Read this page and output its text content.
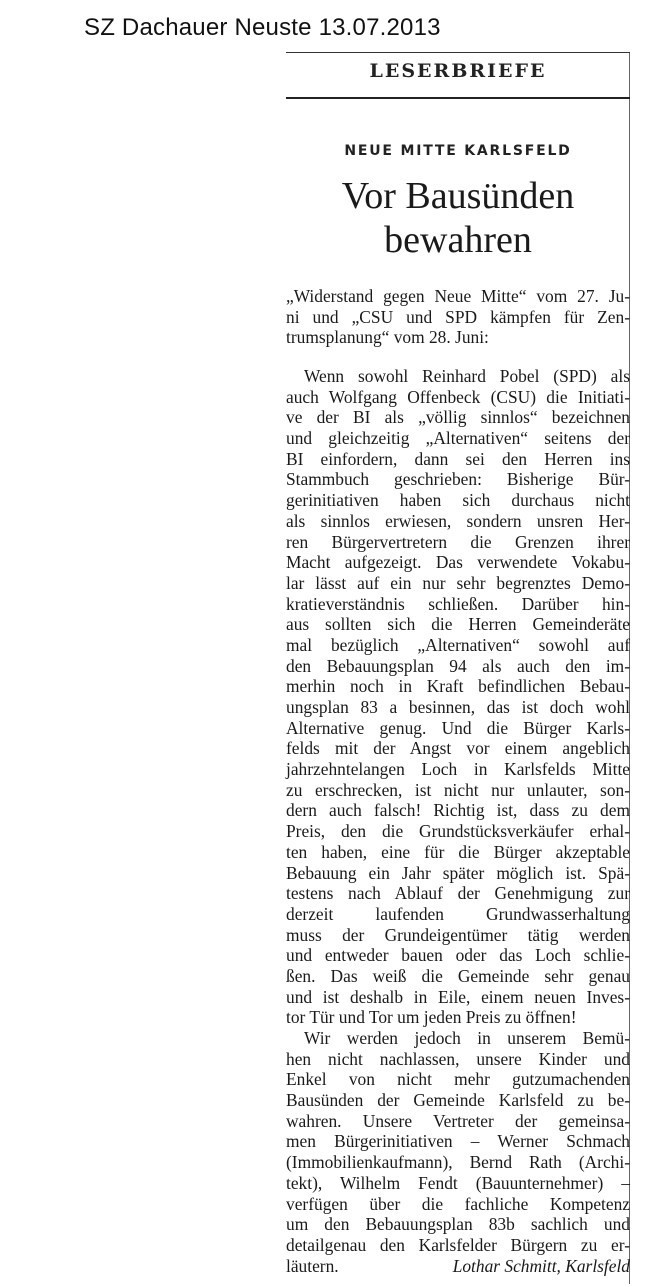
SZ Dachauer Neuste 13.07.2013
LESERBRIEFE
NEUE MITTE KARLSFELD
Vor Bausünden
bewahren
„Widerstand gegen Neue Mitte“ vom 27. Ju-
ni und „CSU und SPD kämpfen für Zen-
trumsplanung“ vom 28. Juni:
Wenn sowohl Reinhard Pobel (SPD) als
auch Wolfgang Offenbeck (CSU) die Initiati-
ve der BI als „völlig sinnlos“ bezeichnen
und gleichzeitig „Alternativen“ seitens der
BI einfordern, dann sei den Herren ins
Stammbuch geschrieben: Bisherige Bür-
gerinitiativen haben sich durchaus nicht
als sinnlos erwiesen, sondern unsren Her-
ren Bürgervertretern die Grenzen ihrer
Macht aufgezeigt. Das verwendete Vokabu-
lar lässt auf ein nur sehr begrenztes Demo-
kratieverständnis schließen. Darüber hin-
aus sollten sich die Herren Gemeinderäte
mal bezüglich „Alternativen“ sowohl auf
den Bebauungsplan 94 als auch den im-
merhin noch in Kraft befindlichen Bebau-
ungsplan 83 a besinnen, das ist doch wohl
Alternative genug. Und die Bürger Karls-
felds mit der Angst vor einem angeblich
jahrzehntelangen Loch in Karlsfelds Mitte
zu erschrecken, ist nicht nur unlauter, son-
dern auch falsch! Richtig ist, dass zu dem
Preis, den die Grundstücksverkäufer erhal-
ten haben, eine für die Bürger akzeptable
Bebauung ein Jahr später möglich ist. Spä-
testens nach Ablauf der Genehmigung zur
derzeit laufenden Grundwasserhaltung
muss der Grundeigentümer tätig werden
und entweder bauen oder das Loch schlie-
ßen. Das weiß die Gemeinde sehr genau
und ist deshalb in Eile, einem neuen Inves-
tor Tür und Tor um jeden Preis zu öffnen!
Wir werden jedoch in unserem Bemü-
hen nicht nachlassen, unsere Kinder und
Enkel von nicht mehr gutzumachenden
Bausünden der Gemeinde Karlsfeld zu be-
wahren. Unsere Vertreter der gemeinsa-
men Bürgerinitiativen – Werner Schmach
(Immobilienkaufmann), Bernd Rath (Archi-
tekt), Wilhelm Fendt (Bauunternehmer) –
verfügen über die fachliche Kompetenz
um den Bebauungsplan 83b sachlich und
detailgenau den Karlsfelder Bürgern zu er-
läutern.	Lothar Schmitt, Karlsfeld
